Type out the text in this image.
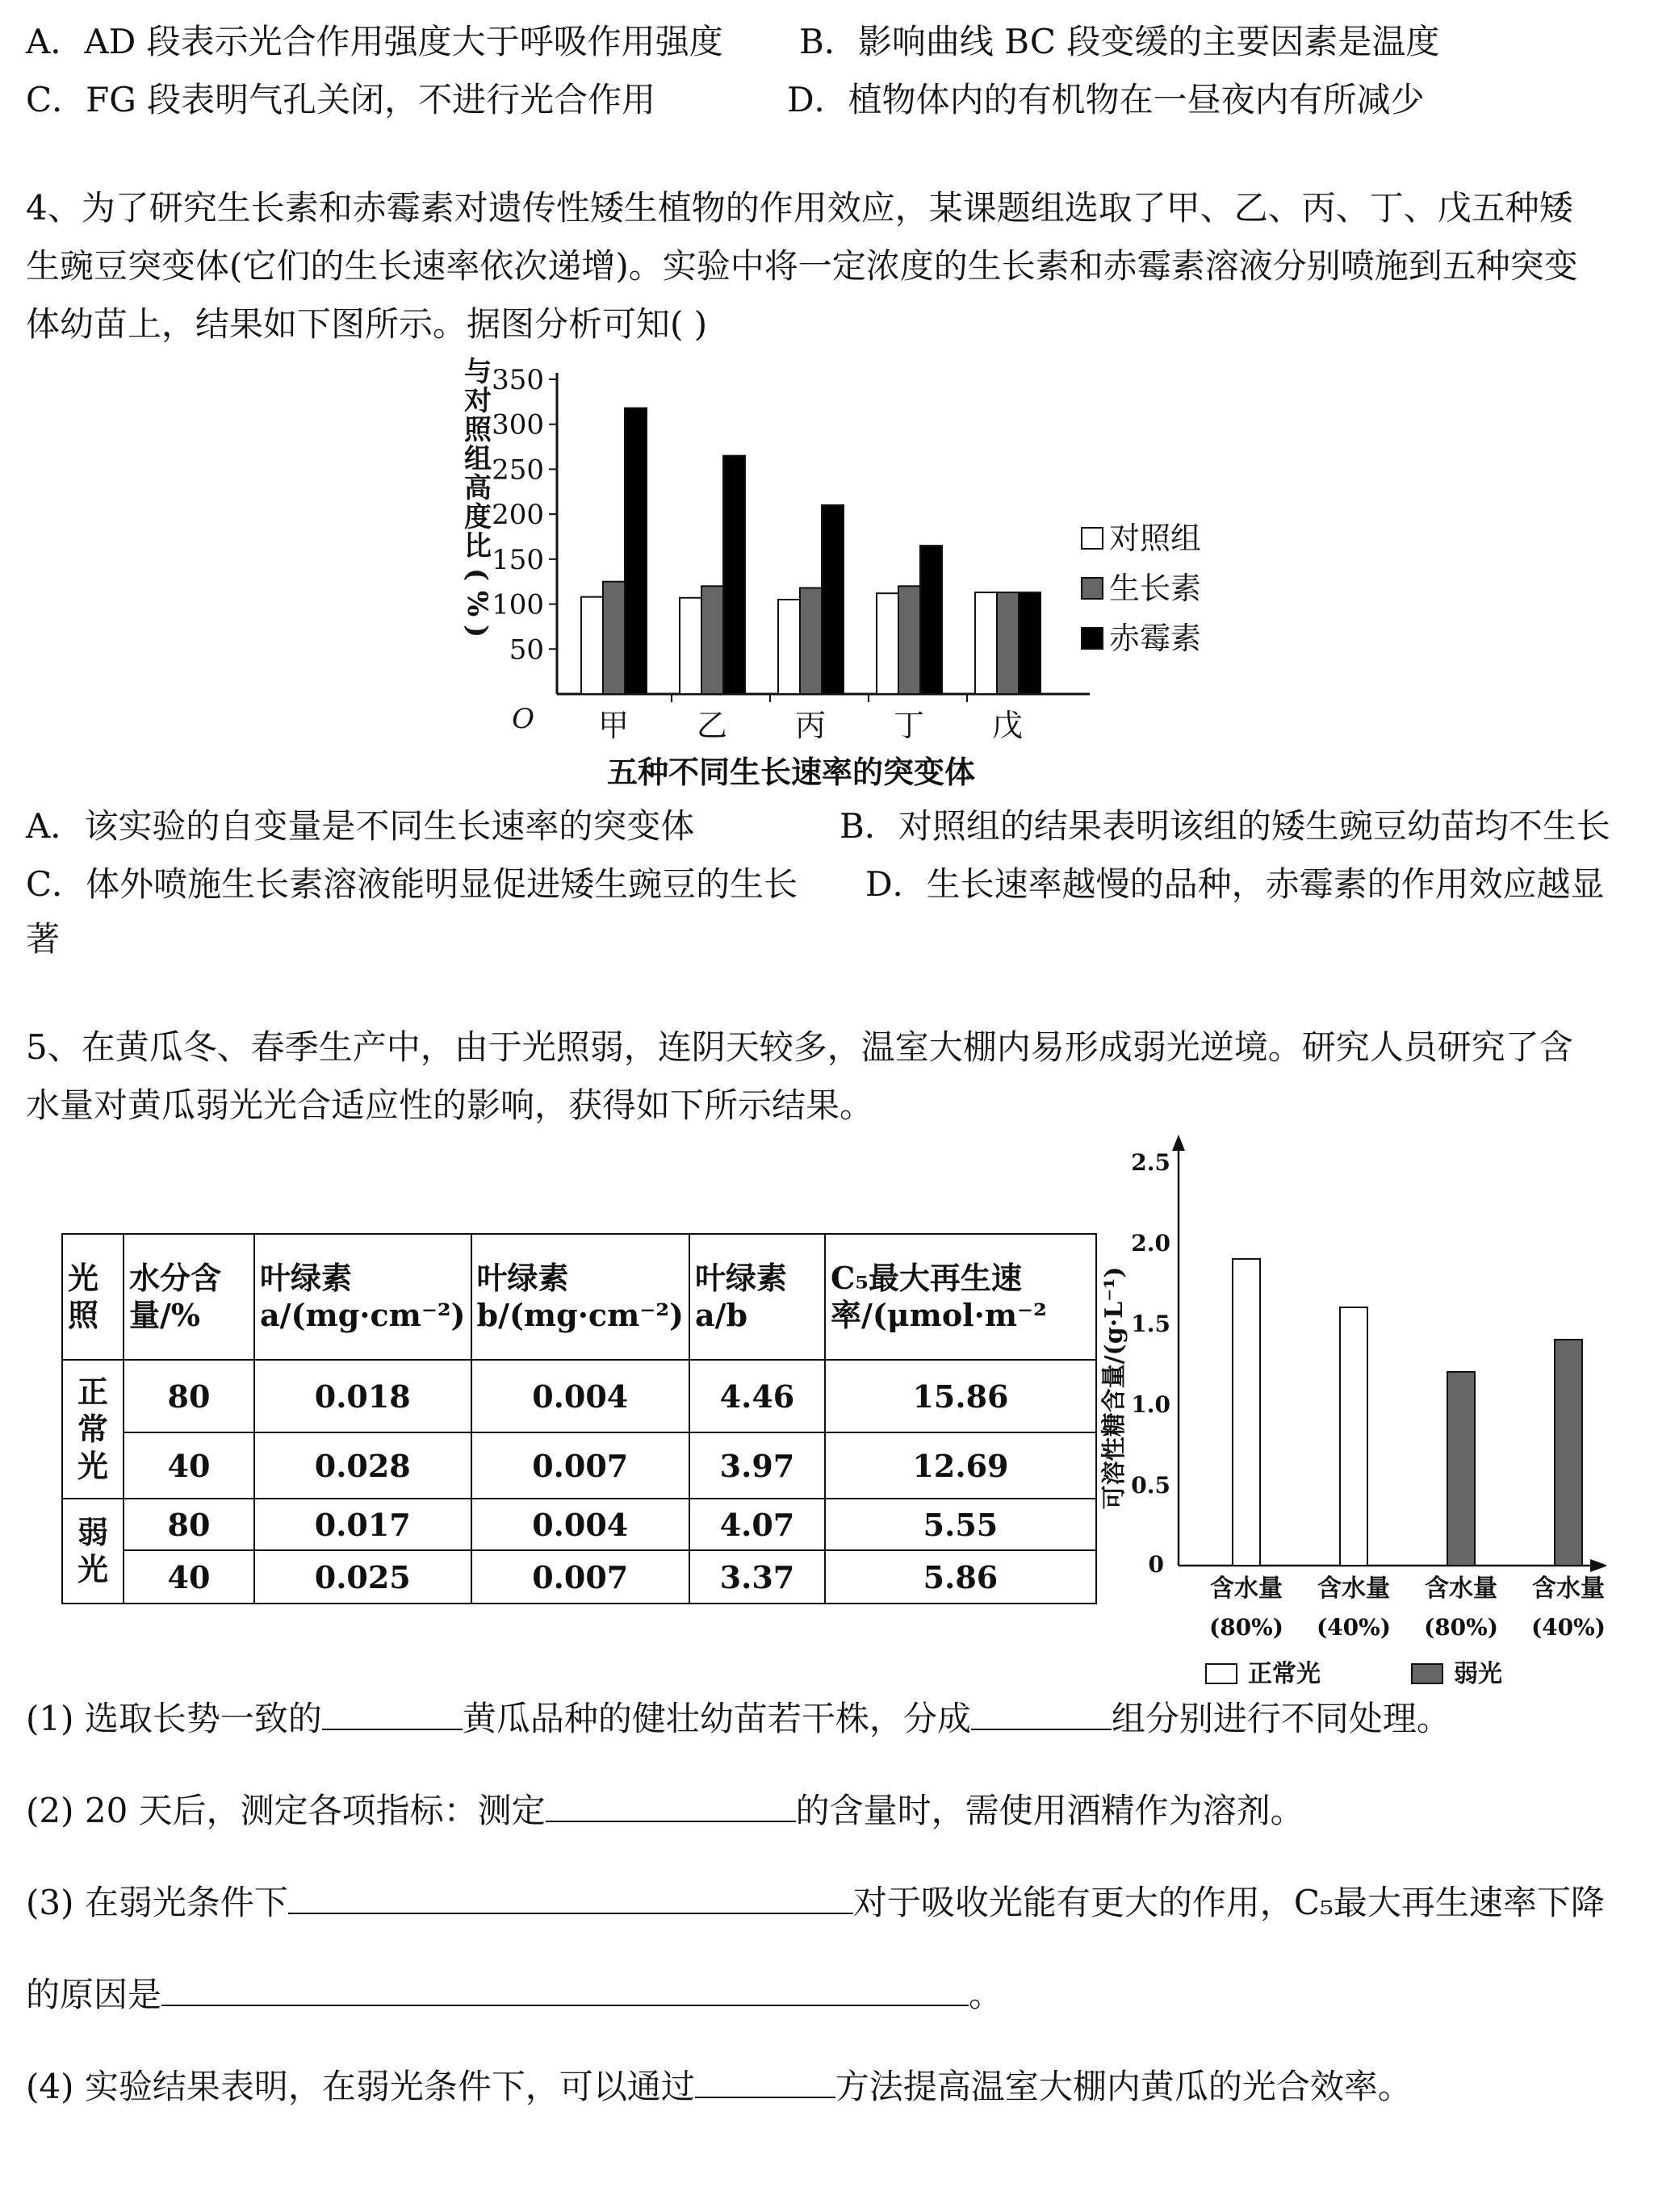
A．AD 段表示光合作用强度大于呼吸作用强度 B．影响曲线 BC 段变缓的主要因素是温度
C．FG 段表明气孔关闭，不进行光合作用	D．植物体内的有机物在一昼夜内有所减少
4、为了研究生长素和赤霉素对遗传性矮生植物的作用效应，某课题组选取了甲、乙、丙、丁、戊五种矮
生豌豆突变体(它们的生长速率依次递增)。实验中将一定浓度的生长素和赤霉素溶液分别喷施到五种突变
体幼苗上，结果如下图所示。据图分析可知( )
50
100
150
200
250
300
350
O
与
对
照
组
高
度
比
(
%
)
甲 乙 丙 丁 戊
五种不同生长速率的突变体
对照组
生长素
赤霉素
A．该实验的自变量是不同生长速率的突变体	B．对照组的结果表明该组的矮生豌豆幼苗均不生长
C．体外喷施生长素溶液能明显促进矮生豌豆的生长 D．生长速率越慢的品种，赤霉素的作用效应越显
著
5、在黄瓜冬、春季生产中，由于光照弱，连阴天较多，温室大棚内易形成弱光逆境。研究人员研究了含
水量对黄瓜弱光光合适应性的影响，获得如下所示结果。
光照	水分含量/%	叶绿素a/(mg·cm⁻²)	叶绿素b/(mg·cm⁻²)	叶绿素a/b	C₅最大再生速率/(μmol·m⁻²
正常光	80	0.018	0.004	4.46	15.86
	40	0.028	0.007	3.97	12.69
弱光	80	0.017	0.004	4.07	5.55
	40	0.025	0.007	3.37	5.86
0.5
1.0
1.5
2.0
2.5
0
可溶性糖含量/(g·L⁻¹)
含水量
(80%)
含水量
(40%)
含水量
(80%)
含水量
(40%)
正常光	弱光
(1) 选取长势一致的	黄瓜品种的健壮幼苗若干株，分成	组分别进行不同处理。
(2) 20 天后，测定各项指标：测定	的含量时，需使用酒精作为溶剂。
(3) 在弱光条件下	对于吸收光能有更大的作用，C₅最大再生速率下降
的原因是	。
(4) 实验结果表明，在弱光条件下，可以通过	方法提高温室大棚内黄瓜的光合效率。
